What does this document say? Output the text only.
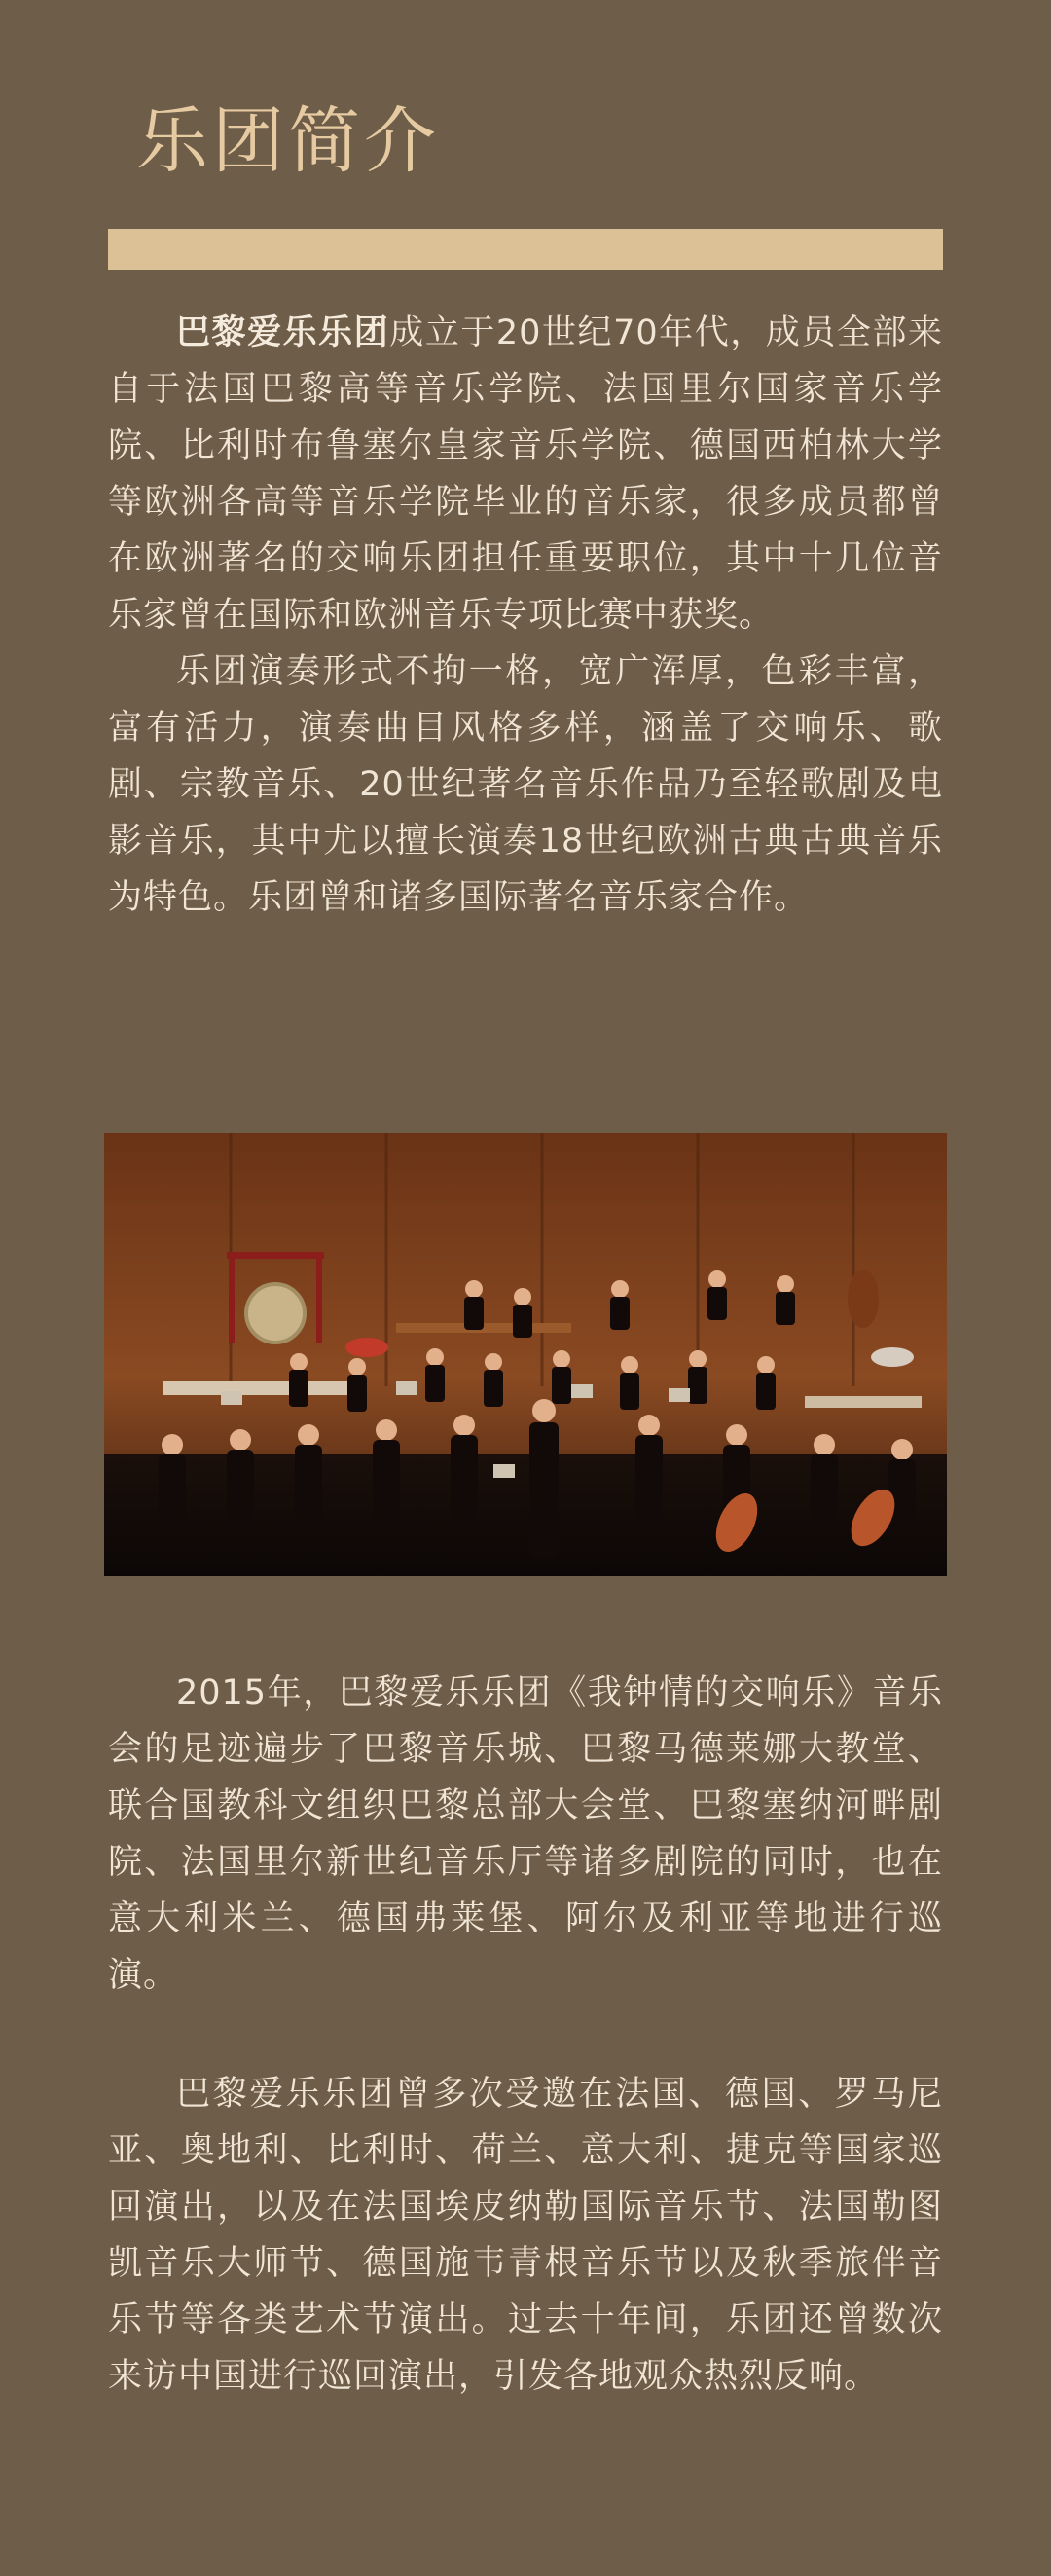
乐团简介

巴黎爱乐乐团成立于20世纪70年代，成员全部来自于法国巴黎高等音乐学院、法国里尔国家音乐学院、比利时布鲁塞尔皇家音乐学院、德国西柏林大学等欧洲各高等音乐学院毕业的音乐家，很多成员都曾在欧洲著名的交响乐团担任重要职位，其中十几位音乐家曾在国际和欧洲音乐专项比赛中获奖。

乐团演奏形式不拘一格，宽广浑厚，色彩丰富，富有活力，演奏曲目风格多样，涵盖了交响乐、歌剧、宗教音乐、20世纪著名音乐作品乃至轻歌剧及电影音乐，其中尤以擅长演奏18世纪欧洲古典古典音乐为特色。乐团曾和诸多国际著名音乐家合作。

2015年，巴黎爱乐乐团《我钟情的交响乐》音乐会的足迹遍步了巴黎音乐城、巴黎马德莱娜大教堂、联合国教科文组织巴黎总部大会堂、巴黎塞纳河畔剧院、法国里尔新世纪音乐厅等诸多剧院的同时，也在意大利米兰、德国弗莱堡、阿尔及利亚等地进行巡演。

巴黎爱乐乐团曾多次受邀在法国、德国、罗马尼亚、奥地利、比利时、荷兰、意大利、捷克等国家巡回演出，以及在法国埃皮纳勒国际音乐节、法国勒图凯音乐大师节、德国施韦青根音乐节以及秋季旅伴音乐节等各类艺术节演出。过去十年间，乐团还曾数次来访中国进行巡回演出，引发各地观众热烈反响。
